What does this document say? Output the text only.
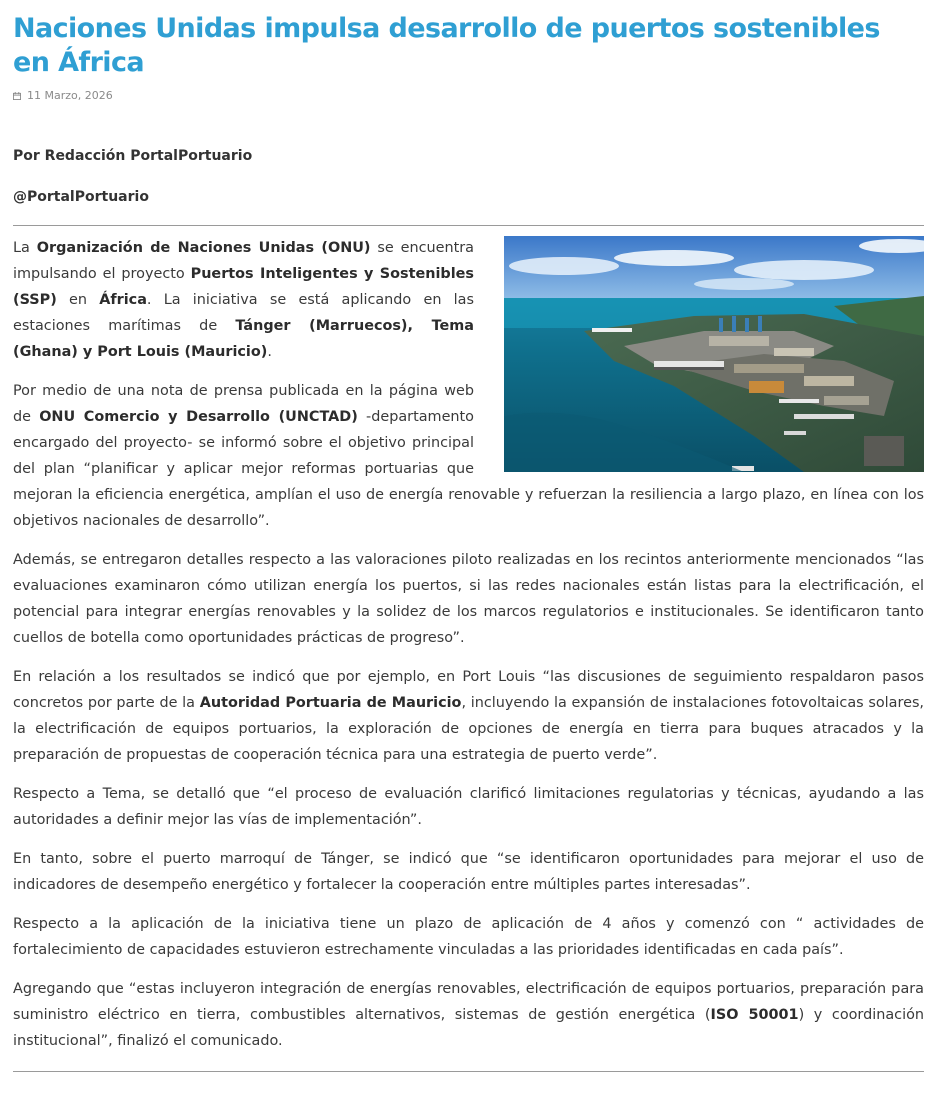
Naciones Unidas impulsa desarrollo de puertos sostenibles en África
11 Marzo, 2026
Por Redacción PortalPortuario
@PortalPortuario

La Organización de Naciones Unidas (ONU) se encuentra impulsando el proyecto Puertos Inteligentes y Sostenibles (SSP) en África. La iniciativa se está aplicando en las estaciones marítimas de Tánger (Marruecos), Tema (Ghana) y Port Louis (Mauricio).

Por medio de una nota de prensa publicada en la página web de ONU Comercio y Desarrollo (UNCTAD) -departamento encargado del proyecto- se informó sobre el objetivo principal del plan “planificar y aplicar mejor reformas portuarias que mejoran la eficiencia energética, amplían el uso de energía renovable y refuerzan la resiliencia a largo plazo, en línea con los objetivos nacionales de desarrollo”.

Además, se entregaron detalles respecto a las valoraciones piloto realizadas en los recintos anteriormente mencionados “las evaluaciones examinaron cómo utilizan energía los puertos, si las redes nacionales están listas para la electrificación, el potencial para integrar energías renovables y la solidez de los marcos regulatorios e institucionales. Se identificaron tanto cuellos de botella como oportunidades prácticas de progreso”.

En relación a los resultados se indicó que por ejemplo, en Port Louis “las discusiones de seguimiento respaldaron pasos concretos por parte de la Autoridad Portuaria de Mauricio, incluyendo la expansión de instalaciones fotovoltaicas solares, la electrificación de equipos portuarios, la exploración de opciones de energía en tierra para buques atracados y la preparación de propuestas de cooperación técnica para una estrategia de puerto verde”.

Respecto a Tema, se detalló que “el proceso de evaluación clarificó limitaciones regulatorias y técnicas, ayudando a las autoridades a definir mejor las vías de implementación”.

En tanto, sobre el puerto marroquí de Tánger, se indicó que “se identificaron oportunidades para mejorar el uso de indicadores de desempeño energético y fortalecer la cooperación entre múltiples partes interesadas”.

Respecto a la aplicación de la iniciativa tiene un plazo de aplicación de 4 años y comenzó con “ actividades de fortalecimiento de capacidades estuvieron estrechamente vinculadas a las prioridades identificadas en cada país”.

Agregando que “estas incluyeron integración de energías renovables, electrificación de equipos portuarios, preparación para suministro eléctrico en tierra, combustibles alternativos, sistemas de gestión energética (ISO 50001) y coordinación institucional”, finalizó el comunicado.
